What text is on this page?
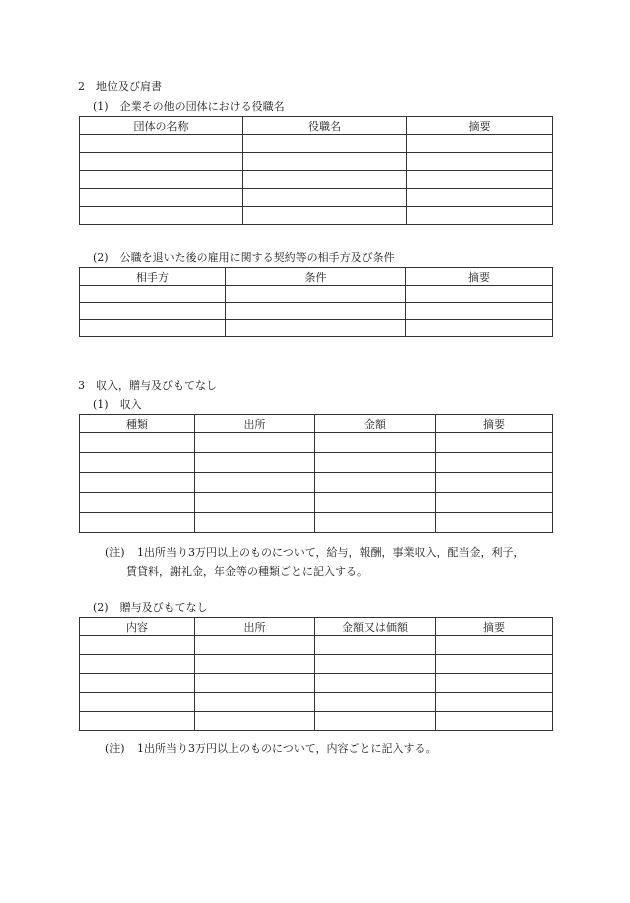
2　地位及び肩書
(1)　企業その他の団体における役職名
団体の名称	役職名	摘要

(2)　公職を退いた後の雇用に関する契約等の相手方及び条件
相手方	条件	摘要

3　収入，贈与及びもてなし
(1)　収入
種類	出所	金額	摘要

(注) 1出所当り3万円以上のものについて，給与，報酬，事業収入，配当金，利子，
賃貸料，謝礼金，年金等の種類ごとに記入する。
(2)　贈与及びもてなし
内容	出所	金額又は価額	摘要

(注) 1出所当り3万円以上のものについて，内容ごとに記入する。
